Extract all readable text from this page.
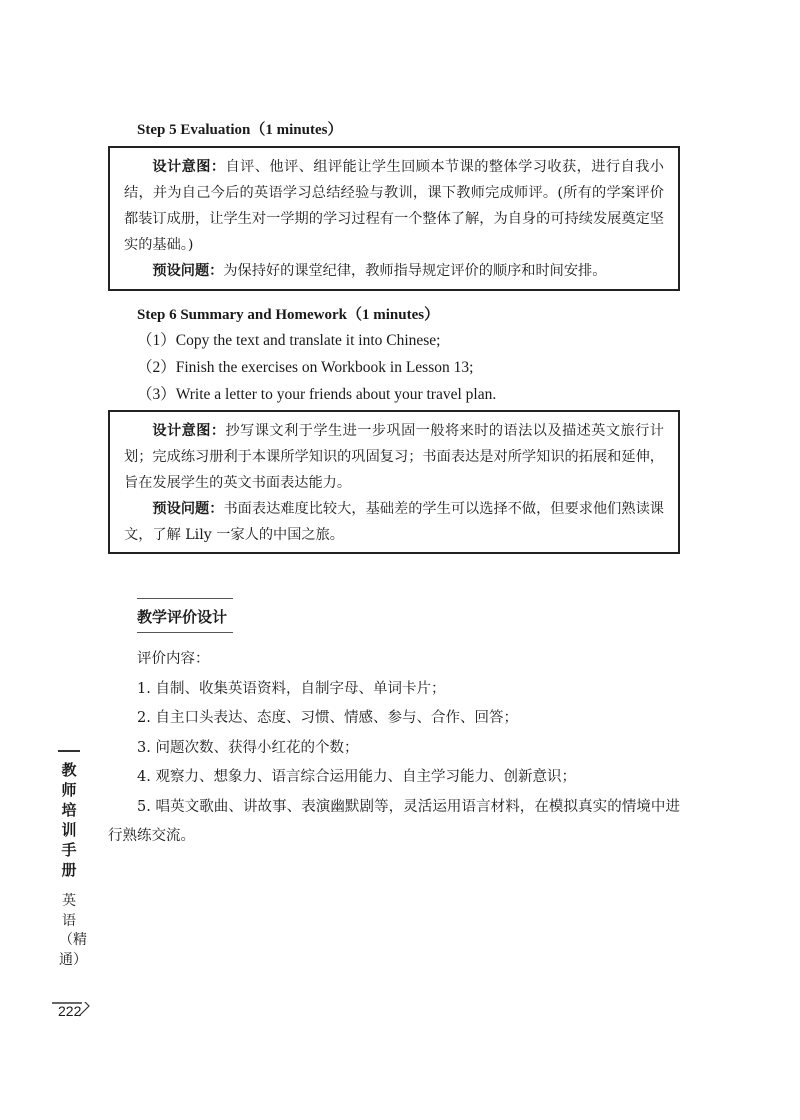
Step 5 Evaluation（1 minutes）

设计意图：自评、他评、组评能让学生回顾本节课的整体学习收获，进行自我小结，并为自己今后的英语学习总结经验与教训，课下教师完成师评。(所有的学案评价都装订成册，让学生对一学期的学习过程有一个整体了解，为自身的可持续发展奠定坚实的基础。)

预设问题：为保持好的课堂纪律，教师指导规定评价的顺序和时间安排。

Step 6 Summary and Homework（1 minutes）
（1）Copy the text and translate it into Chinese;
（2）Finish the exercises on Workbook in Lesson 13;
（3）Write a letter to your friends about your travel plan.

设计意图：抄写课文利于学生进一步巩固一般将来时的语法以及描述英文旅行计划；完成练习册利于本课所学知识的巩固复习；书面表达是对所学知识的拓展和延伸，旨在发展学生的英文书面表达能力。

预设问题：书面表达难度比较大，基础差的学生可以选择不做，但要求他们熟读课文，了解 Lily 一家人的中国之旅。

教学评价设计

评价内容：

1. 自制、收集英语资料，自制字母、单词卡片；

2. 自主口头表达、态度、习惯、情感、参与、合作、回答；

3. 问题次数、获得小红花的个数；

4. 观察力、想象力、语言综合运用能力、自主学习能力、创新意识；

5. 唱英文歌曲、讲故事、表演幽默剧等，灵活运用语言材料，在模拟真实的情境中进行熟练交流。

教师培训手册
英语（精通）
222
